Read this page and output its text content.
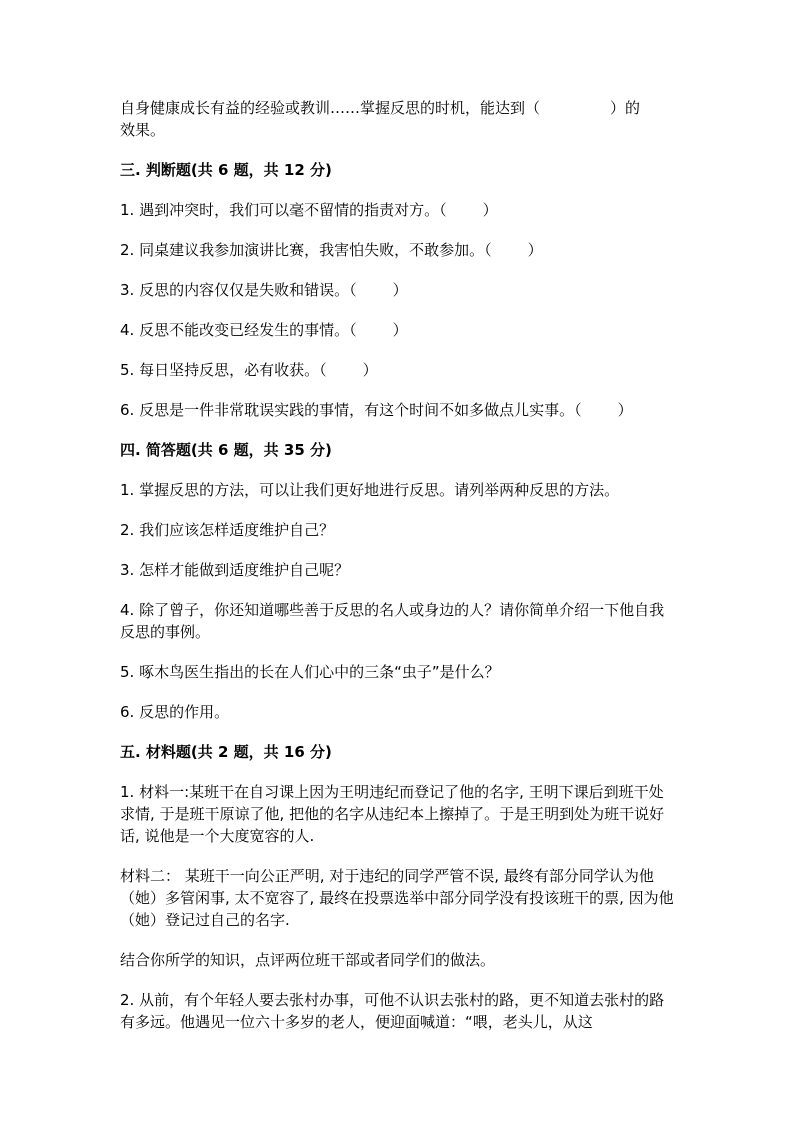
自身健康成长有益的经验或教训……掌握反思的时机，能达到（	）的

效果。

三. 判断题(共 6 题，共 12 分)

1. 遇到冲突时，我们可以毫不留情的指责对方。（ ）

2. 同桌建议我参加演讲比赛，我害怕失败，不敢参加。（ ）

3. 反思的内容仅仅是失败和错误。（ ）

4. 反思不能改变已经发生的事情。（ ）

5. 每日坚持反思，必有收获。（ ）

6. 反思是一件非常耽误实践的事情，有这个时间不如多做点儿实事。（ ）

四. 简答题(共 6 题，共 35 分)

1. 掌握反思的方法，可以让我们更好地进行反思。请列举两种反思的方法。

2. 我们应该怎样适度维护自己？

3. 怎样才能做到适度维护自己呢？

4. 除了曾子，你还知道哪些善于反思的名人或身边的人？请你简单介绍一下他自我反思的事例。

5. 啄木鸟医生指出的长在人们心中的三条“虫子”是什么？

6. 反思的作用。

五. 材料题(共 2 题，共 16 分)

1. 材料一:某班干在自习课上因为王明违纪而登记了他的名字, 王明下课后到班干处求情, 于是班干原谅了他, 把他的名字从违纪本上擦掉了。于是王明到处为班干说好话, 说他是一个大度宽容的人.

材料二： 某班干一向公正严明, 对于违纪的同学严管不误, 最终有部分同学认为他（她）多管闲事, 太不宽容了, 最终在投票选举中部分同学没有投该班干的票, 因为他（她）登记过自己的名字.

结合你所学的知识，点评两位班干部或者同学们的做法。

2. 从前，有个年轻人要去张村办事，可他不认识去张村的路，更不知道去张村的路有多远。他遇见一位六十多岁的老人，便迎面喊道：“喂，老头儿，从这
